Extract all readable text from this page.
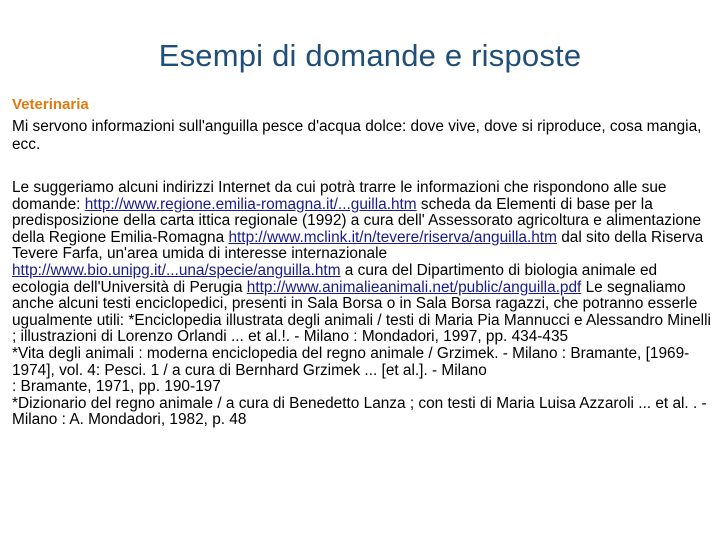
Esempi di domande e risposte
Veterinaria
Mi servono informazioni sull'anguilla pesce d'acqua dolce: dove vive, dove si riproduce, cosa mangia, ecc.

Le suggeriamo alcuni indirizzi Internet da cui potrà trarre le informazioni che rispondono alle sue domande: http://www.regione.emilia-romagna.it/...guilla.htm scheda da Elementi di base per la predisposizione della carta ittica regionale (1992) a cura dell' Assessorato agricoltura e alimentazione della Regione Emilia-Romagna http://www.mclink.it/n/tevere/riserva/anguilla.htm dal sito della Riserva Tevere Farfa, un'area umida di interesse internazionale http://www.bio.unipg.it/...una/specie/anguilla.htm a cura del Dipartimento di biologia animale ed ecologia dell'Università di Perugia http://www.animalieanimali.net/public/anguilla.pdf Le segnaliamo anche alcuni testi enciclopedici, presenti in Sala Borsa o in Sala Borsa ragazzi, che potranno esserle ugualmente utili: *Enciclopedia illustrata degli animali / testi di Maria Pia Mannucci e Alessandro Minelli ; illustrazioni di Lorenzo Orlandi ... et al.!. - Milano : Mondadori, 1997, pp. 434-435

*Vita degli animali : moderna enciclopedia del regno animale / Grzimek. - Milano : Bramante, [1969-1974], vol. 4: Pesci. 1 / a cura di Bernhard Grzimek ... [et al.]. - Milano

: Bramante, 1971, pp. 190-197

*Dizionario del regno animale / a cura di Benedetto Lanza ; con testi di Maria Luisa Azzaroli ... et al. . - Milano : A. Mondadori, 1982, p. 48
